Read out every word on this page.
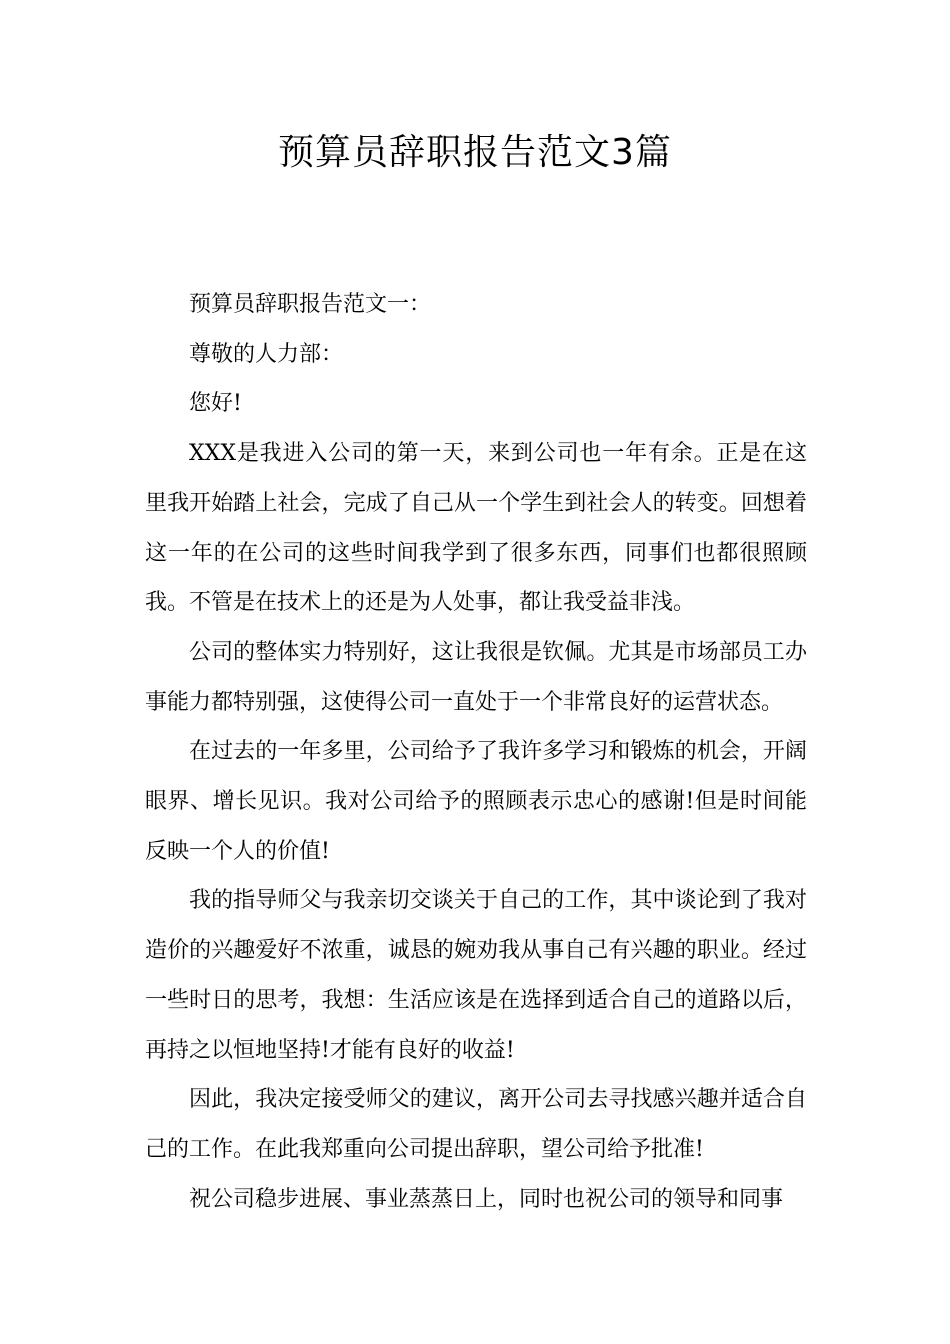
预算员辞职报告范文3篇

预算员辞职报告范文一：

尊敬的人力部：

您好!

XXX是我进入公司的第一天，来到公司也一年有余。正是在这里我开始踏上社会，完成了自己从一个学生到社会人的转变。回想着这一年的在公司的这些时间我学到了很多东西，同事们也都很照顾我。不管是在技术上的还是为人处事，都让我受益非浅。

公司的整体实力特别好，这让我很是钦佩。尤其是市场部员工办事能力都特别强，这使得公司一直处于一个非常良好的运营状态。

在过去的一年多里，公司给予了我许多学习和锻炼的机会，开阔眼界、增长见识。我对公司给予的照顾表示忠心的感谢!但是时间能反映一个人的价值!

我的指导师父与我亲切交谈关于自己的工作，其中谈论到了我对造价的兴趣爱好不浓重，诚恳的婉劝我从事自己有兴趣的职业。经过一些时日的思考，我想：生活应该是在选择到适合自己的道路以后，再持之以恒地坚持!才能有良好的收益!

因此，我决定接受师父的建议，离开公司去寻找感兴趣并适合自己的工作。在此我郑重向公司提出辞职，望公司给予批准!

祝公司稳步进展、事业蒸蒸日上，同时也祝公司的领导和同事
